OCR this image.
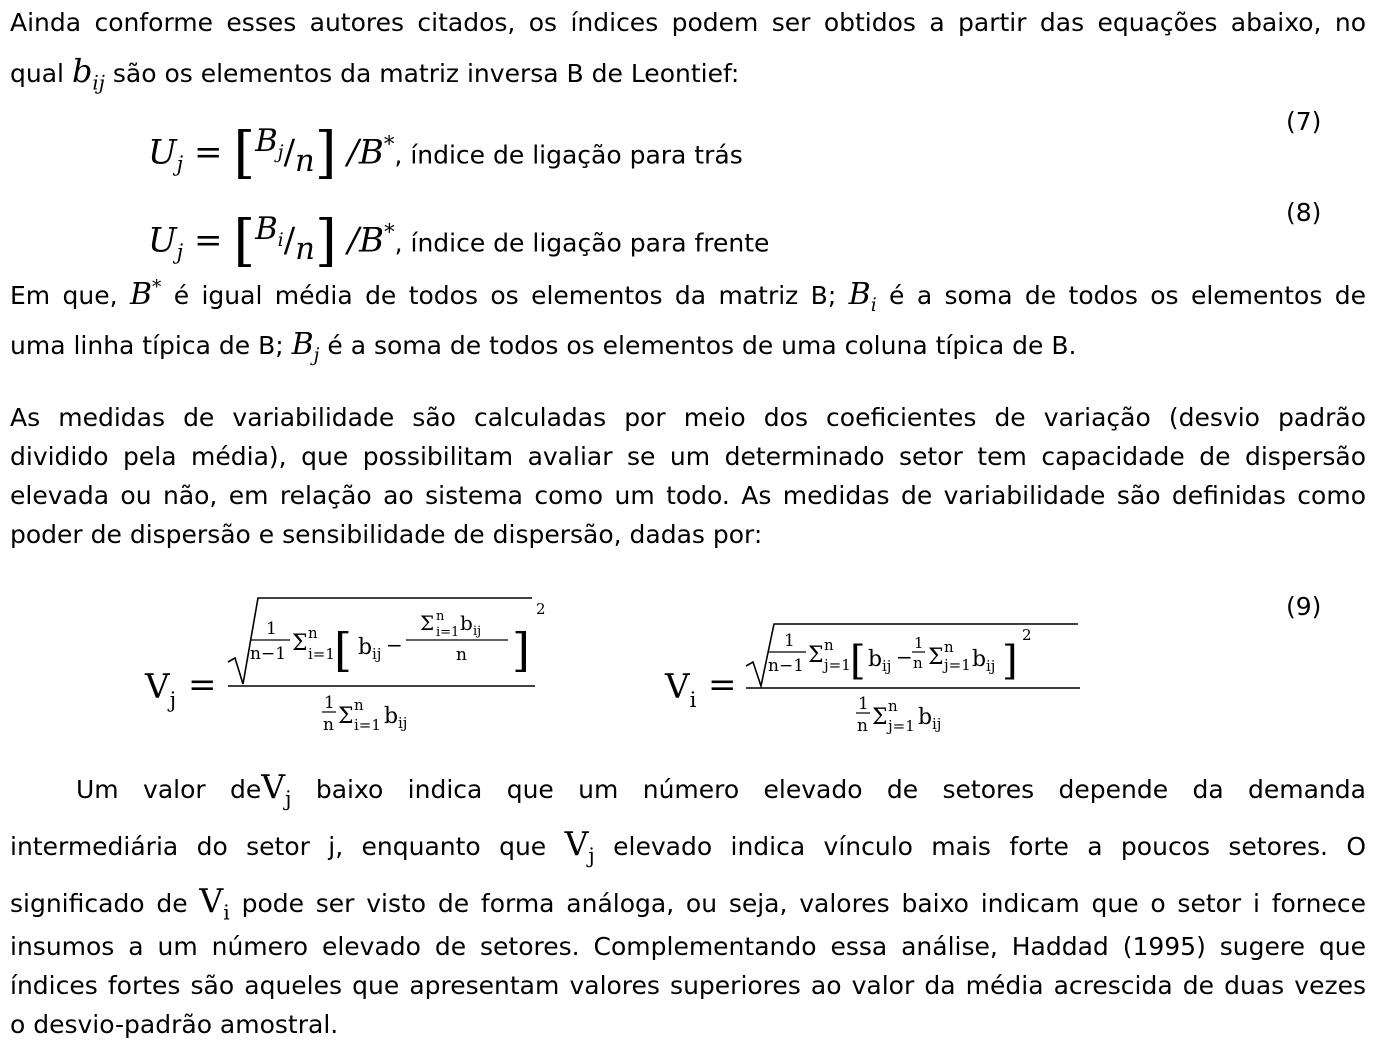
Ainda conforme esses autores citados, os índices podem ser obtidos a partir das equações abaixo, no
qual $b_{ij}$ são os elementos da matriz inversa B de Leontief:
$U_j = [^{B_j}/_n]$ /B*, índice de ligação para trás
(7)
$U_j = [^{B_i}/_n]$ /B*, índice de ligação para frente
(8)
Em que, B* é igual média de todos os elementos da matriz B; $B_i$ é a soma de todos os elementos de
uma linha típica de B; $B_j$ é a soma de todos os elementos de uma coluna típica de B.
As medidas de variabilidade são calculadas por meio dos coeficientes de variação (desvio padrão
dividido pela média), que possibilitam avaliar se um determinado setor tem capacidade de dispersão
elevada ou não, em relação ao sistema como um todo. As medidas de variabilidade são definidas como
poder de dispersão e sensibilidade de dispersão, dadas por:
(9)
$V_j$ =
1
n−1 Σ n
i=1 [ b ij −
Σ n
i=1 b ij
n ]
2
1
n Σ n
i=1 b ij
$V_i$ =
1
n−1 Σ n
j=1 [ b ij −
1
n Σ n
j=1 b ij ]
2
1
n Σ n
j=1 b ij
Um valor deV$_j$ baixo indica que um número elevado de setores depende da demanda
intermediária do setor j, enquanto que $V_j$ elevado indica vínculo mais forte a poucos setores. O
significado de $V_i$ pode ser visto de forma análoga, ou seja, valores baixo indicam que o setor i fornece
insumos a um número elevado de setores. Complementando essa análise, Haddad (1995) sugere que
índices fortes são aqueles que apresentam valores superiores ao valor da média acrescida de duas vezes
o desvio-padrão amostral.
